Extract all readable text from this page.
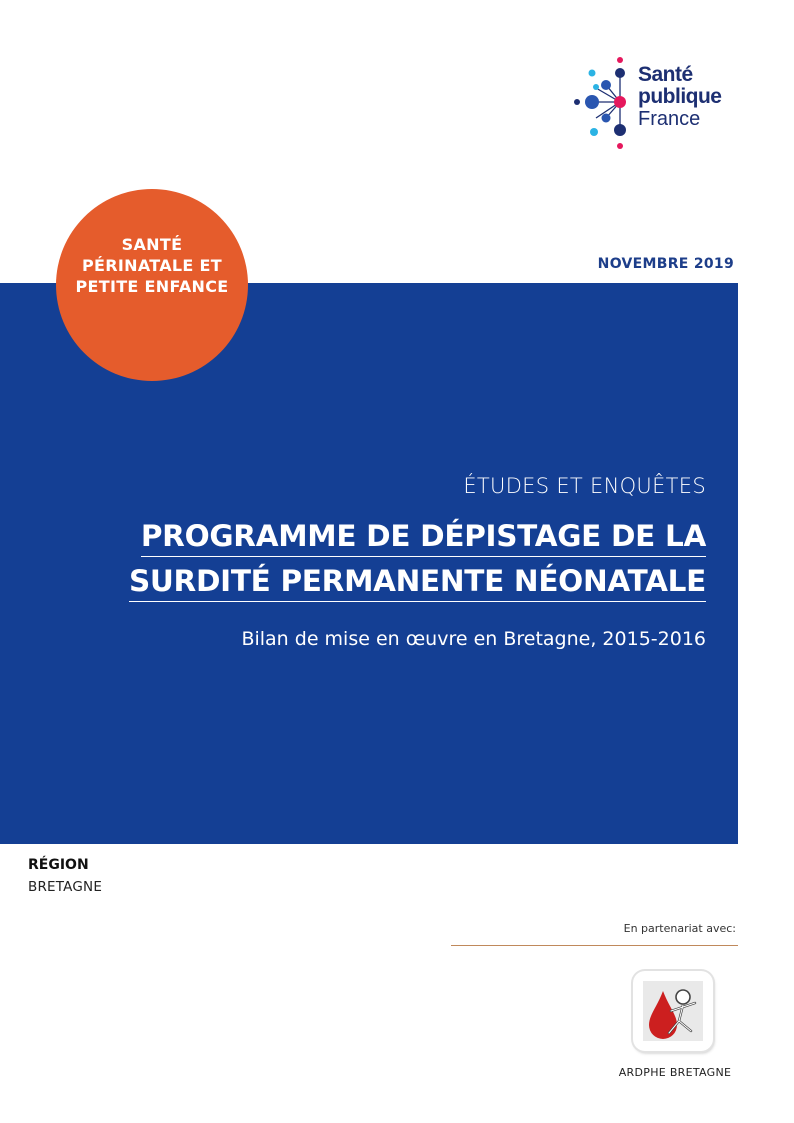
Santé
publique
France
NOVEMBRE 2019
SANTÉ
PÉRINATALE ET
PETITE ENFANCE
ÉTUDES ET ENQUÊTES
PROGRAMME DE DÉPISTAGE DE LA
SURDITÉ PERMANENTE NÉONATALE
Bilan de mise en œuvre en Bretagne, 2015-2016
RÉGION
BRETAGNE
En partenariat avec:
ARDPHE BRETAGNE
